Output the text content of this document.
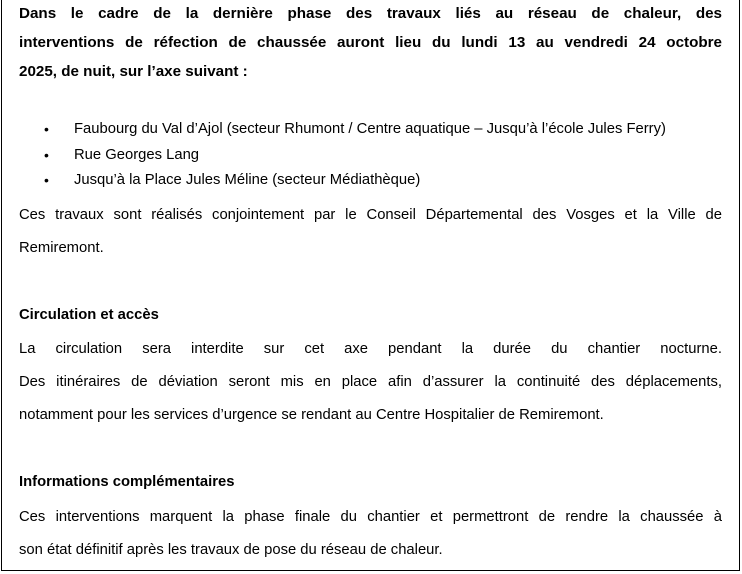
Dans le cadre de la dernière phase des travaux liés au réseau de chaleur, des

interventions de réfection de chaussée auront lieu du lundi 13 au vendredi 24 octobre

2025, de nuit, sur l’axe suivant :

•	Faubourg du Val d’Ajol (secteur Rhumont / Centre aquatique – Jusqu’à l’école Jules Ferry)
•	Rue Georges Lang
•	Jusqu’à la Place Jules Méline (secteur Médiathèque)

Ces travaux sont réalisés conjointement par le Conseil Départemental des Vosges et la Ville de

Remiremont.

Circulation et accès

La circulation sera interdite sur cet axe pendant la durée du chantier nocturne.

Des itinéraires de déviation seront mis en place afin d’assurer la continuité des déplacements,

notamment pour les services d’urgence se rendant au Centre Hospitalier de Remiremont.

Informations complémentaires

Ces interventions marquent la phase finale du chantier et permettront de rendre la chaussée à

son état définitif après les travaux de pose du réseau de chaleur.
